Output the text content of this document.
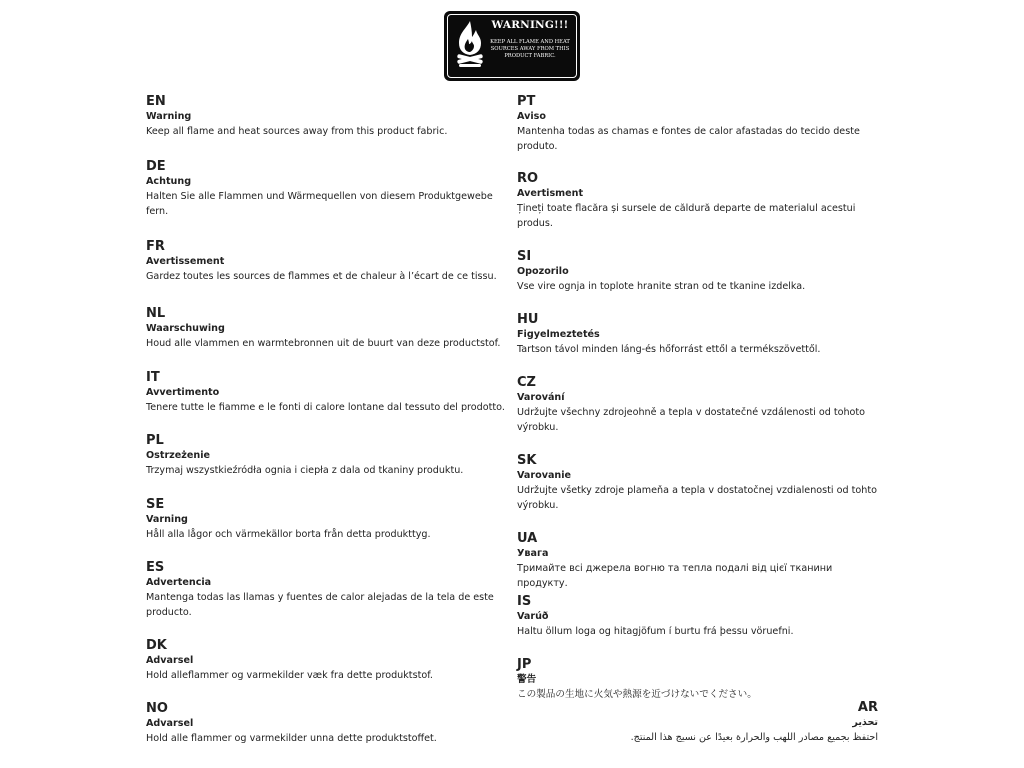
WARNING!!!
KEEP ALL FLAME AND HEAT SOURCES AWAY FROM THIS PRODUCT FABRIC.
EN
Warning
Keep all flame and heat sources away from this product fabric.
DE
Achtung
Halten Sie alle Flammen und Wärmequellen von diesem Produktgewebe fern.
FR
Avertissement
Gardez toutes les sources de flammes et de chaleur à l’écart de ce tissu.
NL
Waarschuwing
Houd alle vlammen en warmtebronnen uit de buurt van deze productstof.
IT
Avvertimento
Tenere tutte le fiamme e le fonti di calore lontane dal tessuto del prodotto.
PL
Ostrzeżenie
Trzymaj wszystkieźródła ognia i ciepła z dala od tkaniny produktu.
SE
Varning
Håll alla lågor och värmekällor borta från detta produkttyg.
ES
Advertencia
Mantenga todas las llamas y fuentes de calor alejadas de la tela de este producto.
DK
Advarsel
Hold alleflammer og varmekilder væk fra dette produktstof.
NO
Advarsel
Hold alle flammer og varmekilder unna dette produktstoffet.
PT
Aviso
Mantenha todas as chamas e fontes de calor afastadas do tecido deste produto.
RO
Avertisment
Țineți toate flacăra și sursele de căldură departe de materialul acestui produs.
SI
Opozorilo
Vse vire ognja in toplote hranite stran od te tkanine izdelka.
HU
Figyelmeztetés
Tartson távol minden láng-és hőforrást ettől a termékszövettől.
CZ
Varování
Udržujte všechny zdrojeohně a tepla v dostatečné vzdálenosti od tohoto výrobku.
SK
Varovanie
Udržujte všetky zdroje plameňa a tepla v dostatočnej vzdialenosti od tohto výrobku.
UA
Увага
Тримайте всі джерела вогню та тепла подалі від цієї тканини продукту.
IS
Varúð
Haltu öllum loga og hitagjöfum í burtu frá þessu vöruefni.
JP
警告
この製品の生地に火気や熱源を近づけないでください。
AR
تحذير
احتفظ بجميع مصادر اللهب والحرارة بعيدًا عن نسيج هذا المنتج.
